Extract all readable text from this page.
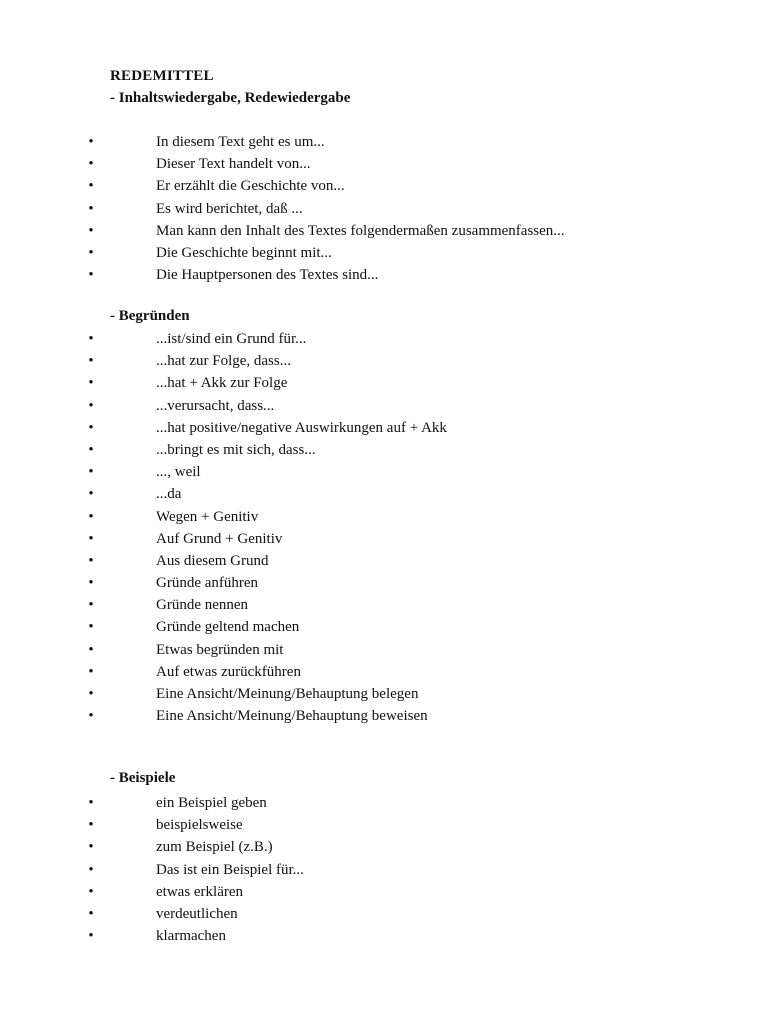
REDEMITTEL
- Inhaltswiedergabe, Redewiedergabe
•	In diesem Text geht es um...
•	Dieser Text handelt von...
•	Er erzählt die Geschichte von...
•	Es wird berichtet, daß ...
•	Man kann den Inhalt des Textes folgendermaßen zusammenfassen...
•	Die Geschichte beginnt mit...
•	Die Hauptpersonen des Textes sind...
- Begründen
•	...ist/sind ein Grund für...
•	...hat zur Folge, dass...
•	...hat + Akk zur Folge
•	...verursacht, dass...
•	...hat positive/negative Auswirkungen auf + Akk
•	...bringt es mit sich, dass...
•	..., weil
•	...da
•	Wegen + Genitiv
•	Auf Grund + Genitiv
•	Aus diesem Grund
•	Gründe anführen
•	Gründe nennen
•	Gründe geltend machen
•	Etwas begründen mit
•	Auf etwas zurückführen
•	Eine Ansicht/Meinung/Behauptung belegen
•	Eine Ansicht/Meinung/Behauptung beweisen
- Beispiele
•	ein Beispiel geben
•	beispielsweise
•	zum Beispiel (z.B.)
•	Das ist ein Beispiel für...
•	etwas erklären
•	verdeutlichen
•	klarmachen
